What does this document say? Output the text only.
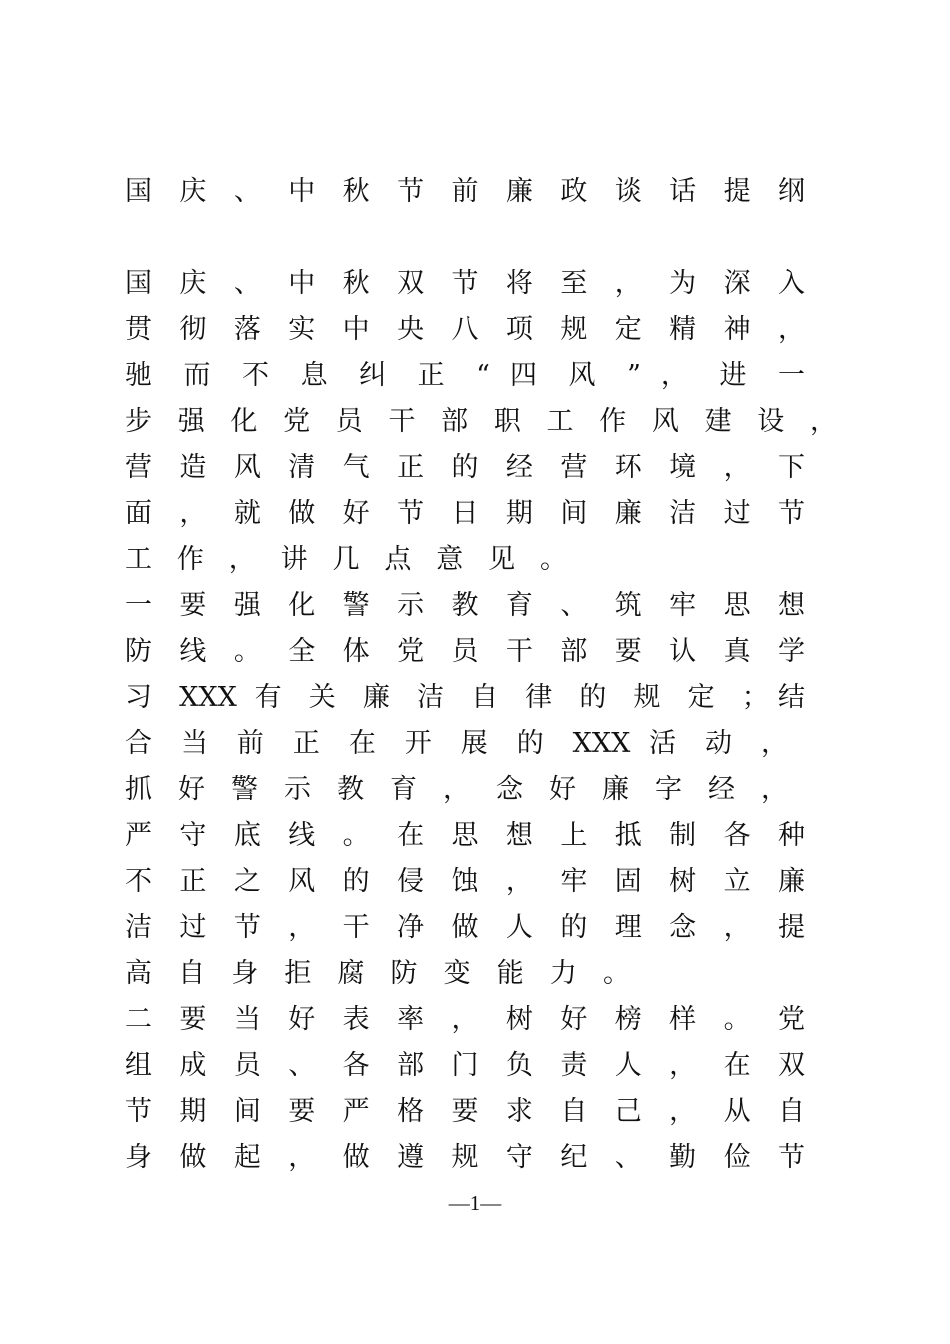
国 庆 、 中 秋 节 前 廉 政 谈 话 提 纲
国 庆 、 中 秋 双 节 将 至 ， 为 深 入
贯 彻 落 实 中 央 八 项 规 定 精 神 ，
驰 而 不 息 纠 正 “ 四 风 ” ， 进 一
步 强 化 党 员 干 部 职 工 作 风 建 设 ，
营 造 风 清 气 正 的 经 营 环 境 ， 下
面 ， 就 做 好 节 日 期 间 廉 洁 过 节
工 作 ， 讲 几 点 意 见 。
一 要 强 化 警 示 教 育 、 筑 牢 思 想
防 线 。 全 体 党 员 干 部 要 认 真 学
习 XXX 有 关 廉 洁 自 律 的 规 定 ；结
合 当 前 正 在 开 展 的 XXX 活 动 ，
抓 好 警 示 教 育 ， 念 好 廉 字 经 ，
严 守 底 线 。 在 思 想 上 抵 制 各 种
不 正 之 风 的 侵 蚀 ， 牢 固 树 立 廉
洁 过 节 ， 干 净 做 人 的 理 念 ， 提
高 自 身 拒 腐 防 变 能 力 。
二 要 当 好 表 率 ， 树 好 榜 样 。 党
组 成 员 、 各 部 门 负 责 人 ， 在 双
节 期 间 要 严 格 要 求 自 己 ， 从 自
身 做 起 ， 做 遵 规 守 纪 、 勤 俭 节
—1—
